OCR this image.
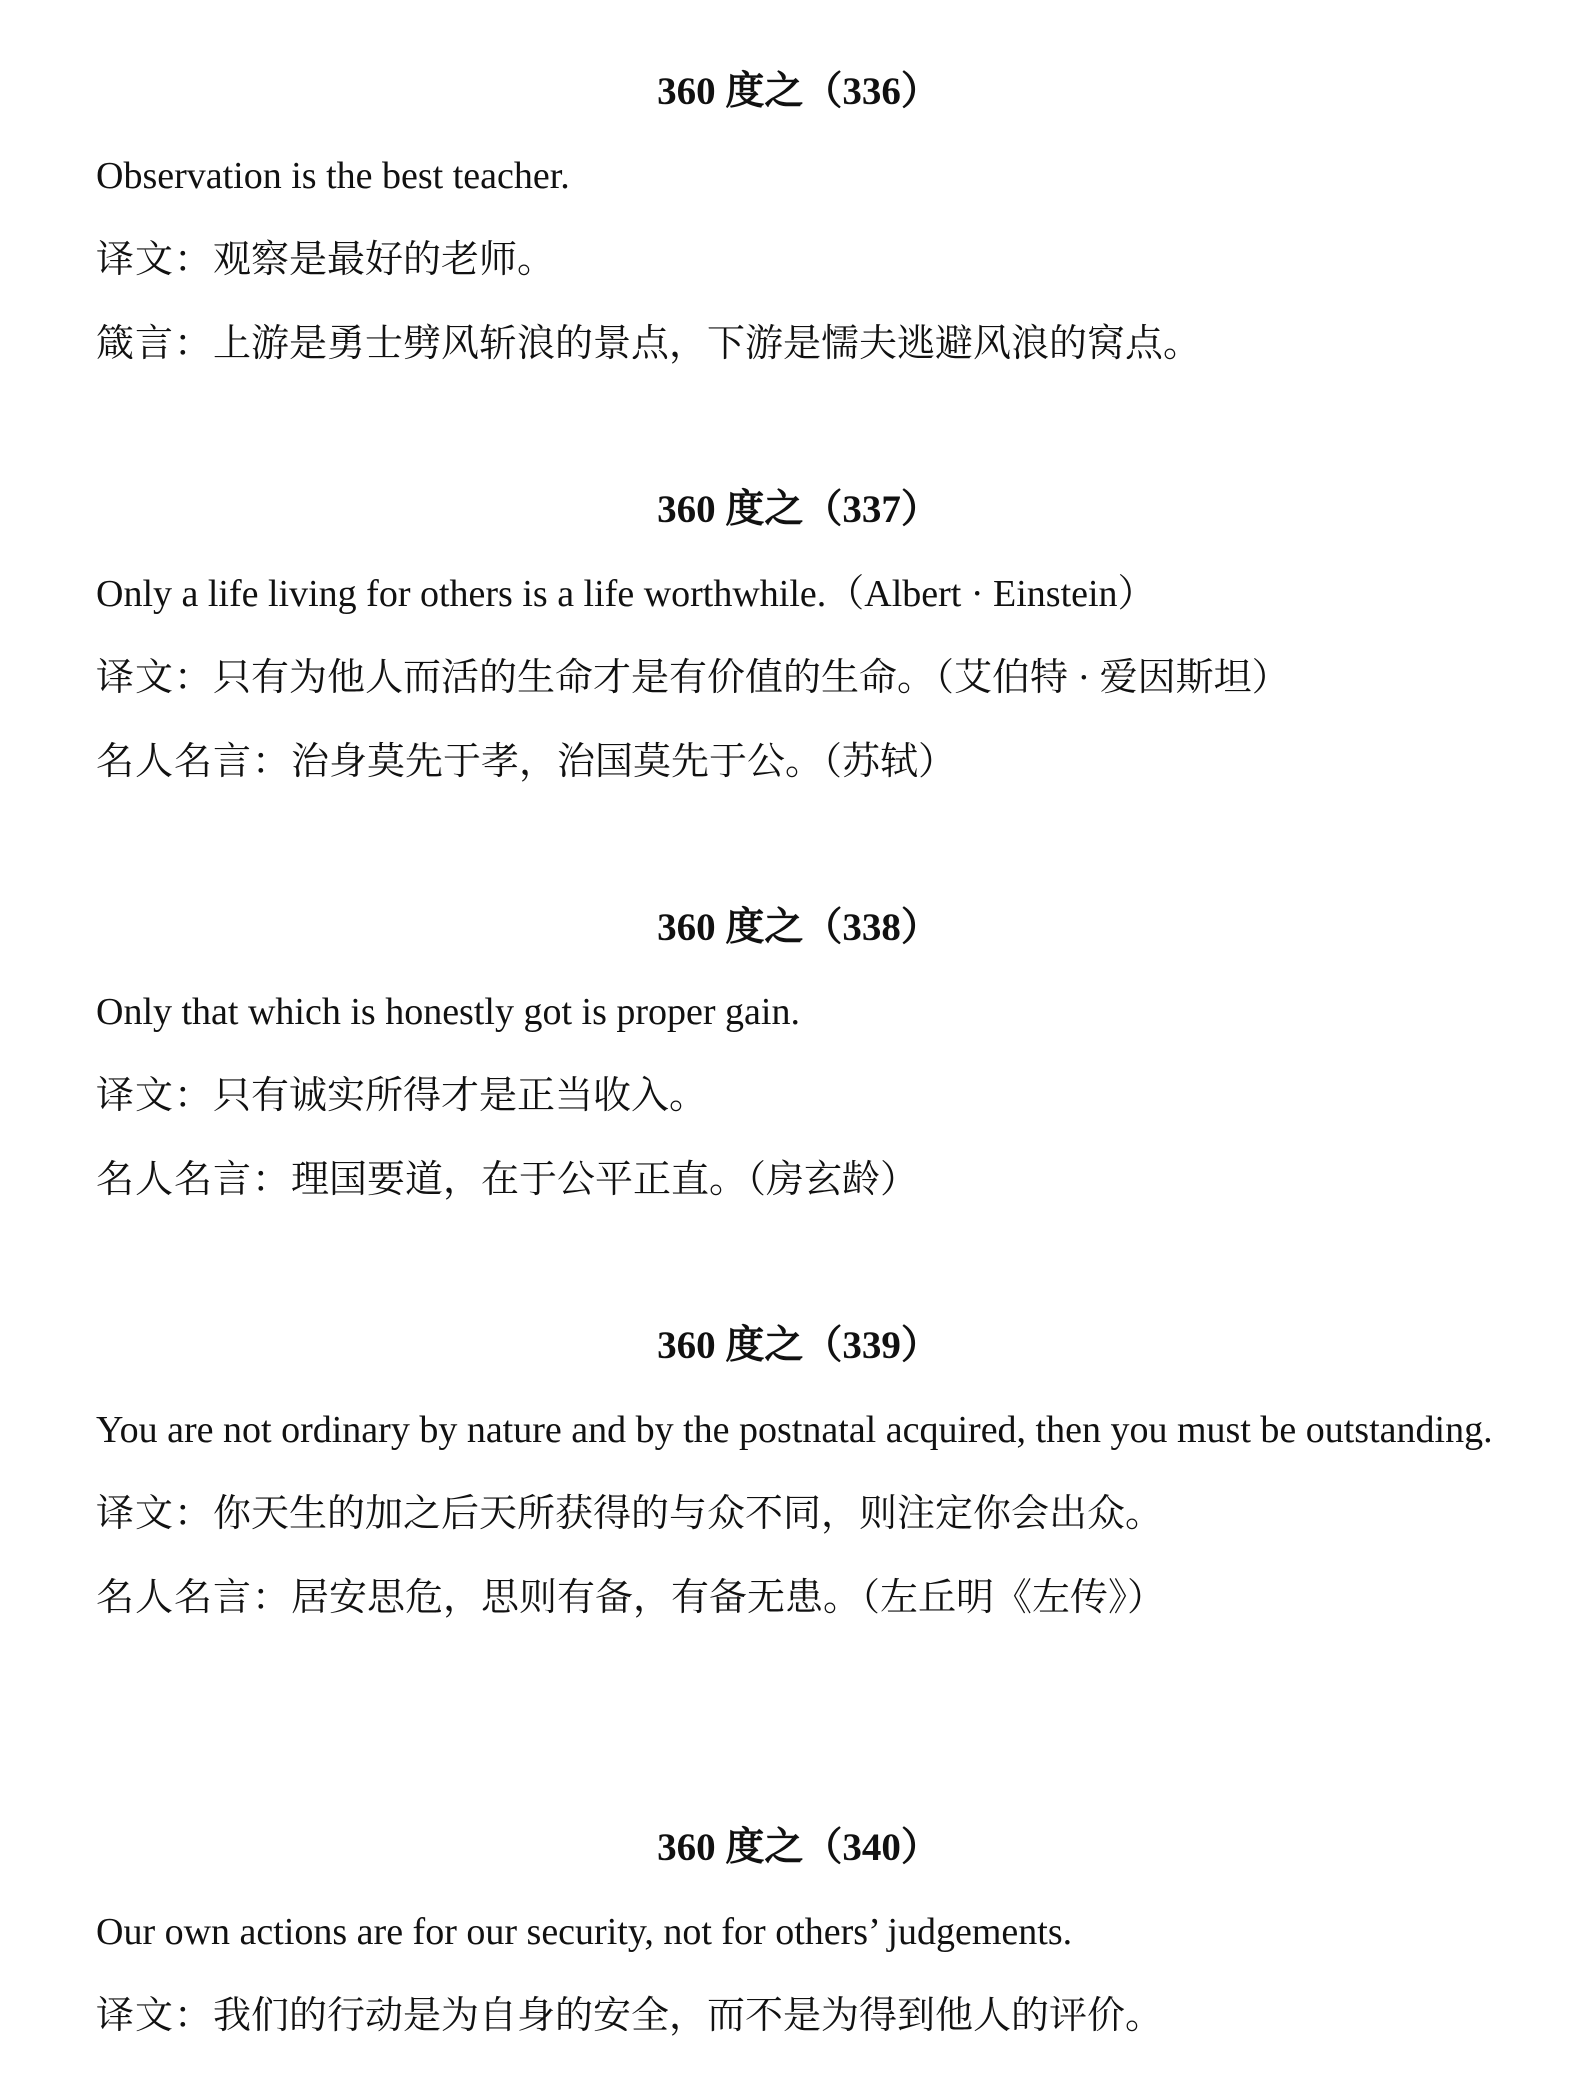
360 度之（336）
Observation is the best teacher.
译文：观察是最好的老师。
箴言：上游是勇士劈风斩浪的景点，下游是懦夫逃避风浪的窝点。
360 度之（337）
Only a life living for others is a life worthwhile.（Albert · Einstein）
译文：只有为他人而活的生命才是有价值的生命。（艾伯特 · 爱因斯坦）
名人名言：治身莫先于孝，治国莫先于公。（苏轼）
360 度之（338）
Only that which is honestly got is proper gain.
译文：只有诚实所得才是正当收入。
名人名言：理国要道，在于公平正直。（房玄龄）
360 度之（339）
You are not ordinary by nature and by the postnatal acquired, then you must be outstanding.
译文：你天生的加之后天所获得的与众不同，则注定你会出众。
名人名言：居安思危，思则有备，有备无患。（左丘明《左传》）
360 度之（340）
Our own actions are for our security, not for others’ judgements.
译文：我们的行动是为自身的安全，而不是为得到他人的评价。
